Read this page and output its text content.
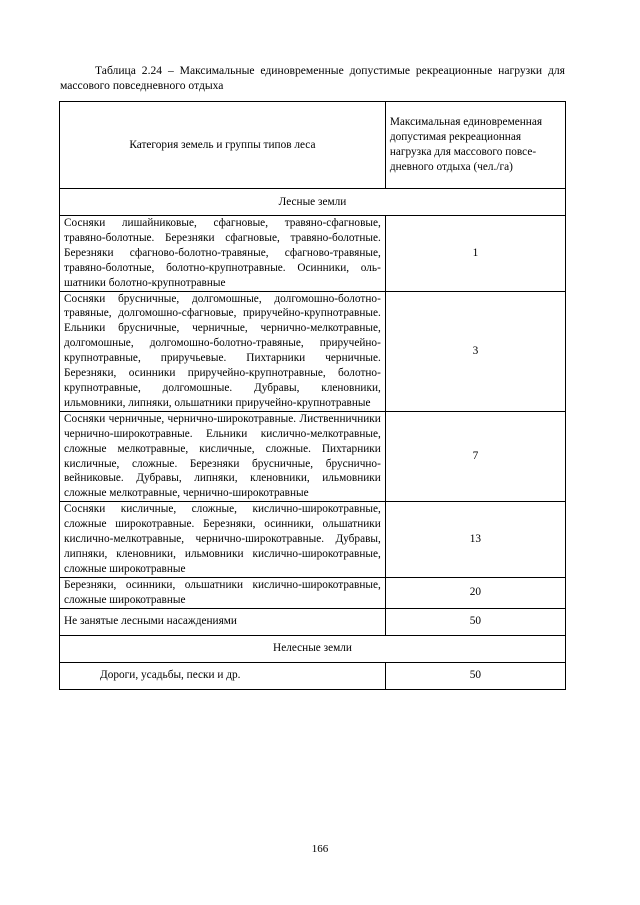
Таблица 2.24 – Максимальные единовременные допустимые рекреационные нагрузки для массового повседневного отдыха
Категория земель и группы типов леса	Максимальная единовременная допустимая рекреационная нагрузка для массового повседневного отдыха (чел./га)
Лесные земли	
Сосняки лишайниковые, сфагновые, травяно-сфагновые, травяно-болотные. Березняки сфагновые, травяно-болотные. Березняки сфагново-болотно-травяные, сфагново-травяные, травяно-болотные, болотно-крупнотравные. Осинники, ольшатники болотно-крупнотравные	1
Сосняки брусничные, долгомошные, долгомошно-болотно-травяные, долгомошно-сфагновые, приручейно-крупнотравные. Ельники брусничные, черничные, чернично-мелкотравные, долгомошные, долгомошно-болотно-травяные, приручейно-крупнотравные, приручьевые. Пихтарники черничные. Березняки, осинники приручейно-крупнотравные, болотно-крупнотравные, долгомошные. Дубравы, кленовники, ильмовники, липняки, ольшатники приручейно-крупнотравные	3
Сосняки черничные, чернично-широкотравные. Лиственничники чернично-широкотравные. Ельники кислично-мелкотравные, сложные мелкотравные, кисличные, сложные. Пихтарники кисличные, сложные. Березняки брусничные, бруснично-вейниковые. Дубравы, липняки, кленовники, ильмовники сложные мелкотравные, чернично-широкотравные	7
Сосняки кисличные, сложные, кислично-широкотравные, сложные широкотравные. Березняки, осинники, ольшатники кислично-мелкотравные, чернично-широкотравные. Дубравы, липняки, кленовники, ильмовники кислично-широкотравные, сложные широкотравные	13
Березняки, осинники, ольшатники кислично-широкотравные, сложные широкотравные	20
Не занятые лесными насаждениями	50
Нелесные земли	
Дороги, усадьбы, пески и др.	50
166
